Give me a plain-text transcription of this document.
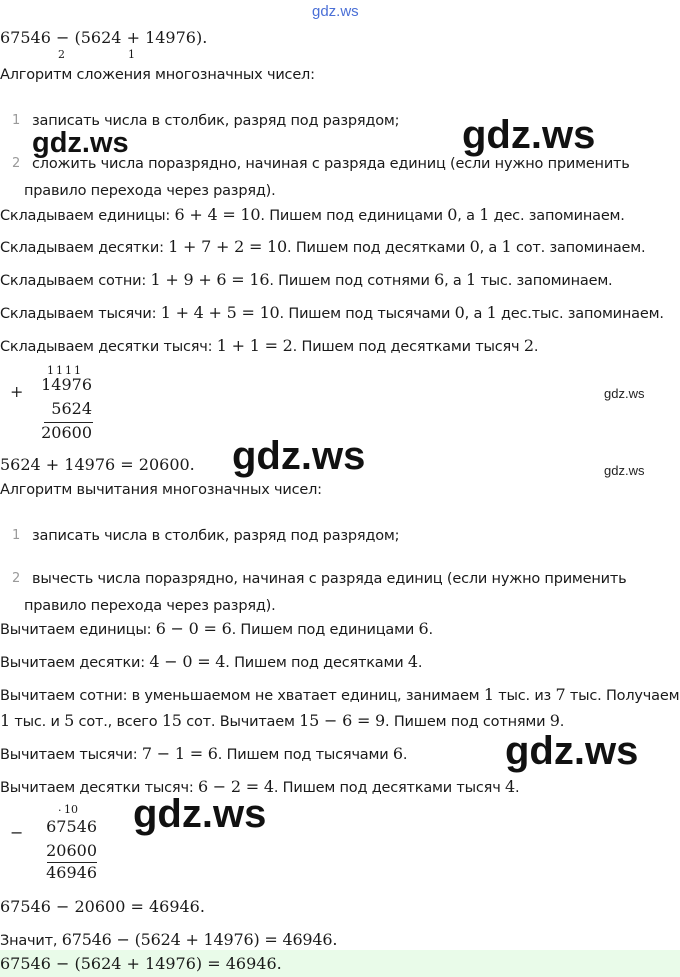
gdz.ws
67546 − (5624 + 14976).
2	1
Алгоритм сложения многозначных чисел:
1 записать числа в столбик, разряд под разрядом;
2 сложить числа поразрядно, начиная с разряда единиц (если нужно применить
правило перехода через разряд).
Складываем единицы: 6 + 4 = 10. Пишем под единицами 0, а 1 дес. запоминаем.
Складываем десятки: 1 + 7 + 2 = 10. Пишем под десятками 0, а 1 сот. запоминаем.
Складываем сотни: 1 + 9 + 6 = 16. Пишем под сотнями 6, а 1 тыс. запоминаем.
Складываем тысячи: 1 + 4 + 5 = 10. Пишем под тысячами 0, а 1 дес.тыс. запоминаем.
Складываем десятки тысяч: 1 + 1 = 2. Пишем под десятками тысяч 2.
+
1111
14976
5624
20600
5624 + 14976 = 20600.
Алгоритм вычитания многозначных чисел:
1 записать числа в столбик, разряд под разрядом;
2 вычесть числа поразрядно, начиная с разряда единиц (если нужно применить
правило перехода через разряд).
Вычитаем единицы: 6 − 0 = 6. Пишем под единицами 6.
Вычитаем десятки: 4 − 0 = 4. Пишем под десятками 4.
Вычитаем сотни: в уменьшаемом не хватает единиц, занимаем 1 тыс. из 7 тыс. Получаем
1 тыс. и 5 сот., всего 15 сот. Вычитаем 15 − 6 = 9. Пишем под сотнями 9.
Вычитаем тысячи: 7 − 1 = 6. Пишем под тысячами 6.
Вычитаем десятки тысяч: 6 − 2 = 4. Пишем под десятками тысяч 4.
−
· 10
67546
20600
46946
67546 − 20600 = 46946.
Значит, 67546 − (5624 + 14976) = 46946.
67546 − (5624 + 14976) = 46946.
gdz.ws	gdz.ws
gdz.ws
gdz.ws	gdz.ws
gdz.ws
gdz.ws
